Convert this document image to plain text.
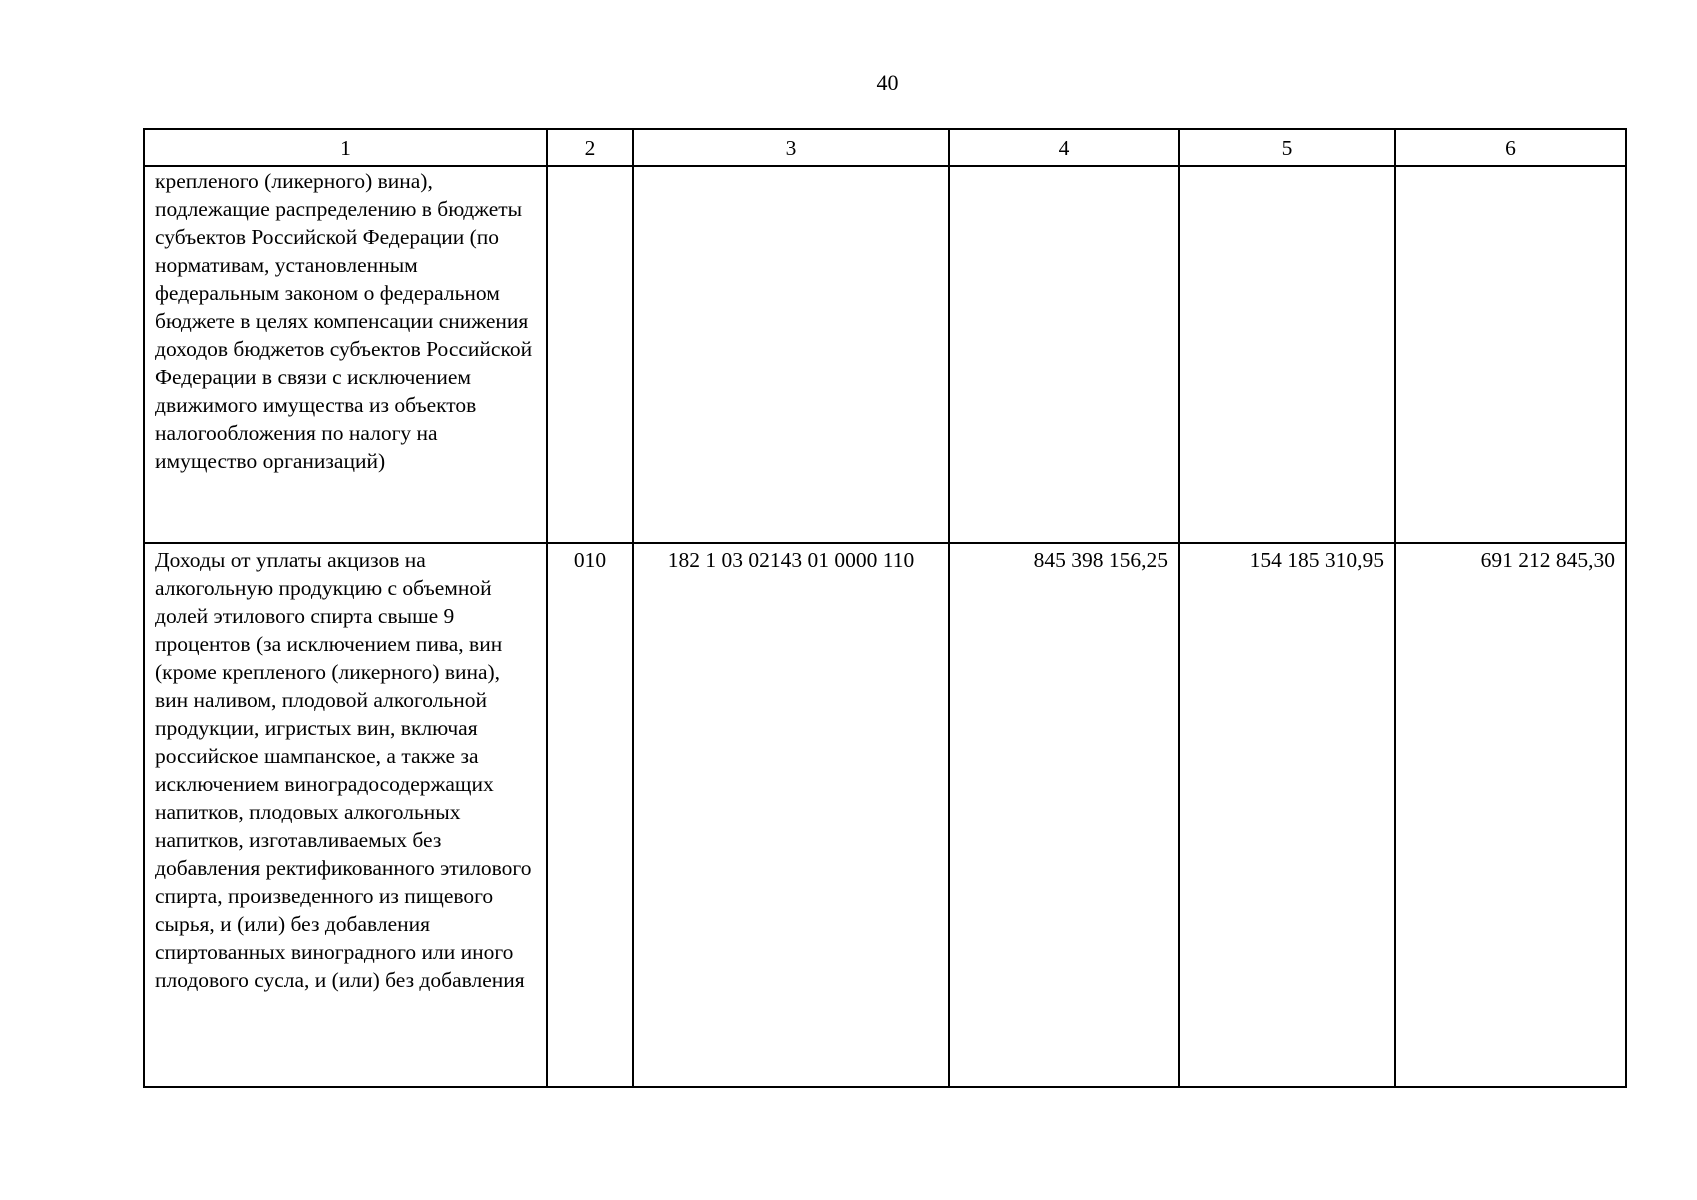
40
1	2	3	4	5	6
крепленого (ликерного) вина), подлежащие распределению в бюджеты субъектов Российской Федерации (по нормативам, установленным федеральным законом о федеральном бюджете в целях компенсации снижения доходов бюджетов субъектов Российской Федерации в связи с исключением движимого имущества из объектов налогообложения по налогу на имущество организаций)					
Доходы от уплаты акцизов на алкогольную продукцию с объемной долей этилового спирта свыше 9 процентов (за исключением пива, вин (кроме крепленого (ликерного) вина), вин наливом, плодовой алкогольной продукции, игристых вин, включая российское шампанское, а также за исключением виноградосодержащих напитков, плодовых алкогольных напитков, изготавливаемых без добавления ректификованного этилового спирта, произведенного из пищевого сырья, и (или) без добавления спиртованных виноградного или иного плодового сусла, и (или) без добавления	010	182 1 03 02143 01 0000 110	845 398 156,25	154 185 310,95	691 212 845,30
